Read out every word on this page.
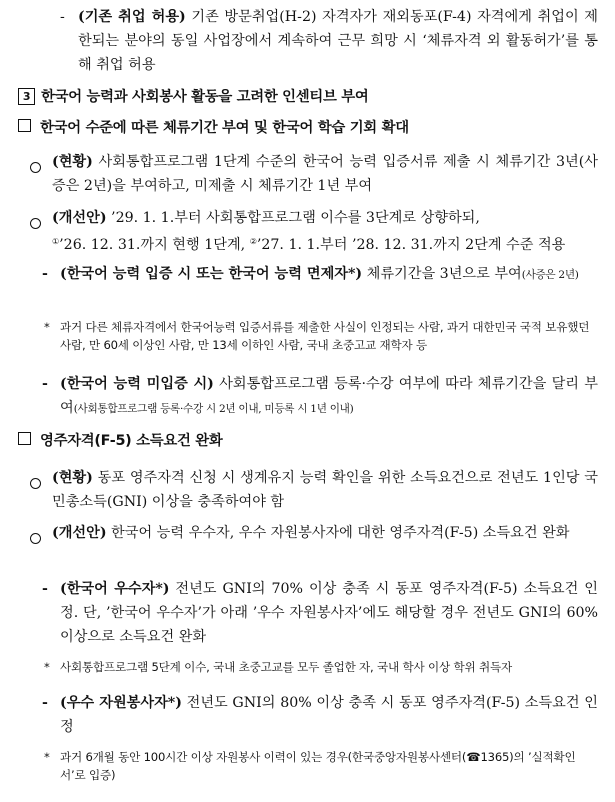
- (기존 취업 허용) 기존 방문취업(H-2) 자격자가 재외동포(F-4) 자격에게 취업이 제한되는 분야의 동일 사업장에서 계속하여 근무 희망 시 ‘체류자격 외 활동허가’를 통해 취업 허용
3 한국어 능력과 사회봉사 활동을 고려한 인센티브 부여
한국어 수준에 따른 체류기간 부여 및 한국어 학습 기회 확대
(현황) 사회통합프로그램 1단계 수준의 한국어 능력 입증서류 제출 시 체류기간 3년(사증은 2년)을 부여하고, 미제출 시 체류기간 1년 부여
(개선안) ’29. 1. 1.부터 사회통합프로그램 이수를 3단계로 상향하되,
①’26. 12. 31.까지 현행 1단계, ②’27. 1. 1.부터 ’28. 12. 31.까지 2단계 수준 적용
- (한국어 능력 입증 시 또는 한국어 능력 면제자*) 체류기간을 3년으로 부여(사증은 2년)
* 과거 다른 체류자격에서 한국어능력 입증서류를 제출한 사실이 인정되는 사람, 과거 대한민국 국적 보유했던 사람, 만 60세 이상인 사람, 만 13세 이하인 사람, 국내 초중고교 재학자 등
- (한국어 능력 미입증 시) 사회통합프로그램 등록·수강 여부에 따라 체류기간을 달리 부여(사회통합프로그램 등록·수강 시 2년 이내, 미등록 시 1년 이내)
영주자격(F-5) 소득요건 완화
(현황) 동포 영주자격 신청 시 생계유지 능력 확인을 위한 소득요건으로 전년도 1인당 국민총소득(GNI) 이상을 충족하여야 함
(개선안) 한국어 능력 우수자, 우수 자원봉사자에 대한 영주자격(F-5) 소득요건 완화
- (한국어 우수자*) 전년도 GNI의 70% 이상 충족 시 동포 영주자격(F-5) 소득요건 인정. 단, ’한국어 우수자’가 아래 ’우수 자원봉사자’에도 해당할 경우 전년도 GNI의 60% 이상으로 소득요건 완화
* 사회통합프로그램 5단계 이수, 국내 초중고교를 모두 졸업한 자, 국내 학사 이상 학위 취득자
- (우수 자원봉사자*) 전년도 GNI의 80% 이상 충족 시 동포 영주자격(F-5) 소득요건 인정
* 과거 6개월 동안 100시간 이상 자원봉사 이력이 있는 경우(한국중앙자원봉사센터(☎1365)의 ’실적확인서’로 입증)
